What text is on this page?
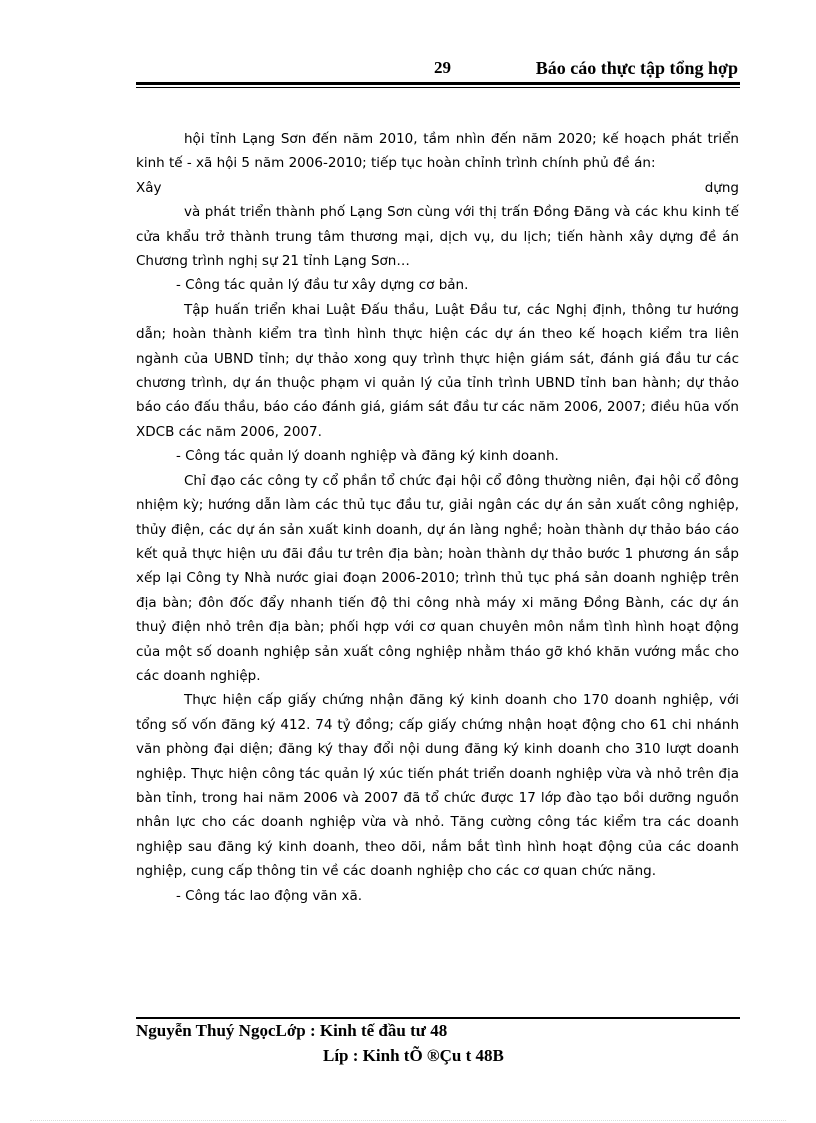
29	Báo cáo thực tập tổng hợp

hội tỉnh Lạng Sơn đến năm 2010, tầm nhìn đến năm 2020; kế hoạch phát triển kinh tế - xã hội 5 năm 2006-2010; tiếp tục hoàn chỉnh trình chính phủ đề án:

Xây	dựng

và phát triển thành phố Lạng Sơn cùng với thị trấn Đồng Đăng và các khu kinh tế cửa khẩu trở thành trung tâm thương mại, dịch vụ, du lịch; tiến hành xây dựng đề án Chương trình nghị sự 21 tỉnh Lạng Sơn…

- Công tác quản lý đầu tư xây dựng cơ bản.

Tập huấn triển khai Luật Đấu thầu, Luật Đầu tư, các Nghị định, thông tư hướng dẫn; hoàn thành kiểm tra tình hình thực hiện các dự án theo kế hoạch kiểm tra liên ngành của UBND tỉnh; dự thảo xong quy trình thực hiện giám sát, đánh giá đầu tư các chương trình, dự án thuộc phạm vi quản lý của tỉnh trình UBND tỉnh ban hành; dự thảo báo cáo đấu thầu, báo cáo đánh giá, giám sát đầu tư các năm 2006, 2007; điều hũa vốn XDCB các năm 2006, 2007.

- Công tác quản lý doanh nghiệp và đăng ký kinh doanh.

Chỉ đạo các công ty cổ phần tổ chức đại hội cổ đông thường niên, đại hội cổ đông nhiệm kỳ; hướng dẫn làm các thủ tục đầu tư, giải ngân các dự án sản xuất công nghiệp, thủy điện, các dự án sản xuất kinh doanh, dự án làng nghề; hoàn thành dự thảo báo cáo kết quả thực hiện ưu đãi đầu tư trên địa bàn; hoàn thành dự thảo bước 1 phương án sắp xếp lại Công ty Nhà nước giai đoạn 2006-2010; trình thủ tục phá sản doanh nghiệp trên địa bàn; đôn đốc đẩy nhanh tiến độ thi công nhà máy xi măng Đồng Bành, các dự án thuỷ điện nhỏ trên địa bàn; phối hợp với cơ quan chuyên môn nắm tình hình hoạt động của một số doanh nghiệp sản xuất công nghiệp nhằm tháo gỡ khó khăn vướng mắc cho các doanh nghiệp.

Thực hiện cấp giấy chứng nhận đăng ký kinh doanh cho 170 doanh nghiệp, với tổng số vốn đăng ký 412. 74 tỷ đồng; cấp giấy chứng nhận hoạt động cho 61 chi nhánh văn phòng đại diện; đăng ký thay đổi nội dung đăng ký kinh doanh cho 310 lượt doanh nghiệp. Thực hiện công tác quản lý xúc tiến phát triển doanh nghiệp vừa và nhỏ trên địa bàn tỉnh, trong hai năm 2006 và 2007 đã tổ chức được 17 lớp đào tạo bồi dưỡng nguồn nhân lực cho các doanh nghiệp vừa và nhỏ. Tăng cường công tác kiểm tra các doanh nghiệp sau đăng ký kinh doanh, theo dõi, nắm bắt tình hình hoạt động của các doanh nghiệp, cung cấp thông tin về các doanh nghiệp cho các cơ quan chức năng.

- Công tác lao động văn xã.

Nguyễn Thuý NgọcLớp : Kinh tế đầu tư 48
Líp : Kinh tÕ ®Çu t 48B
